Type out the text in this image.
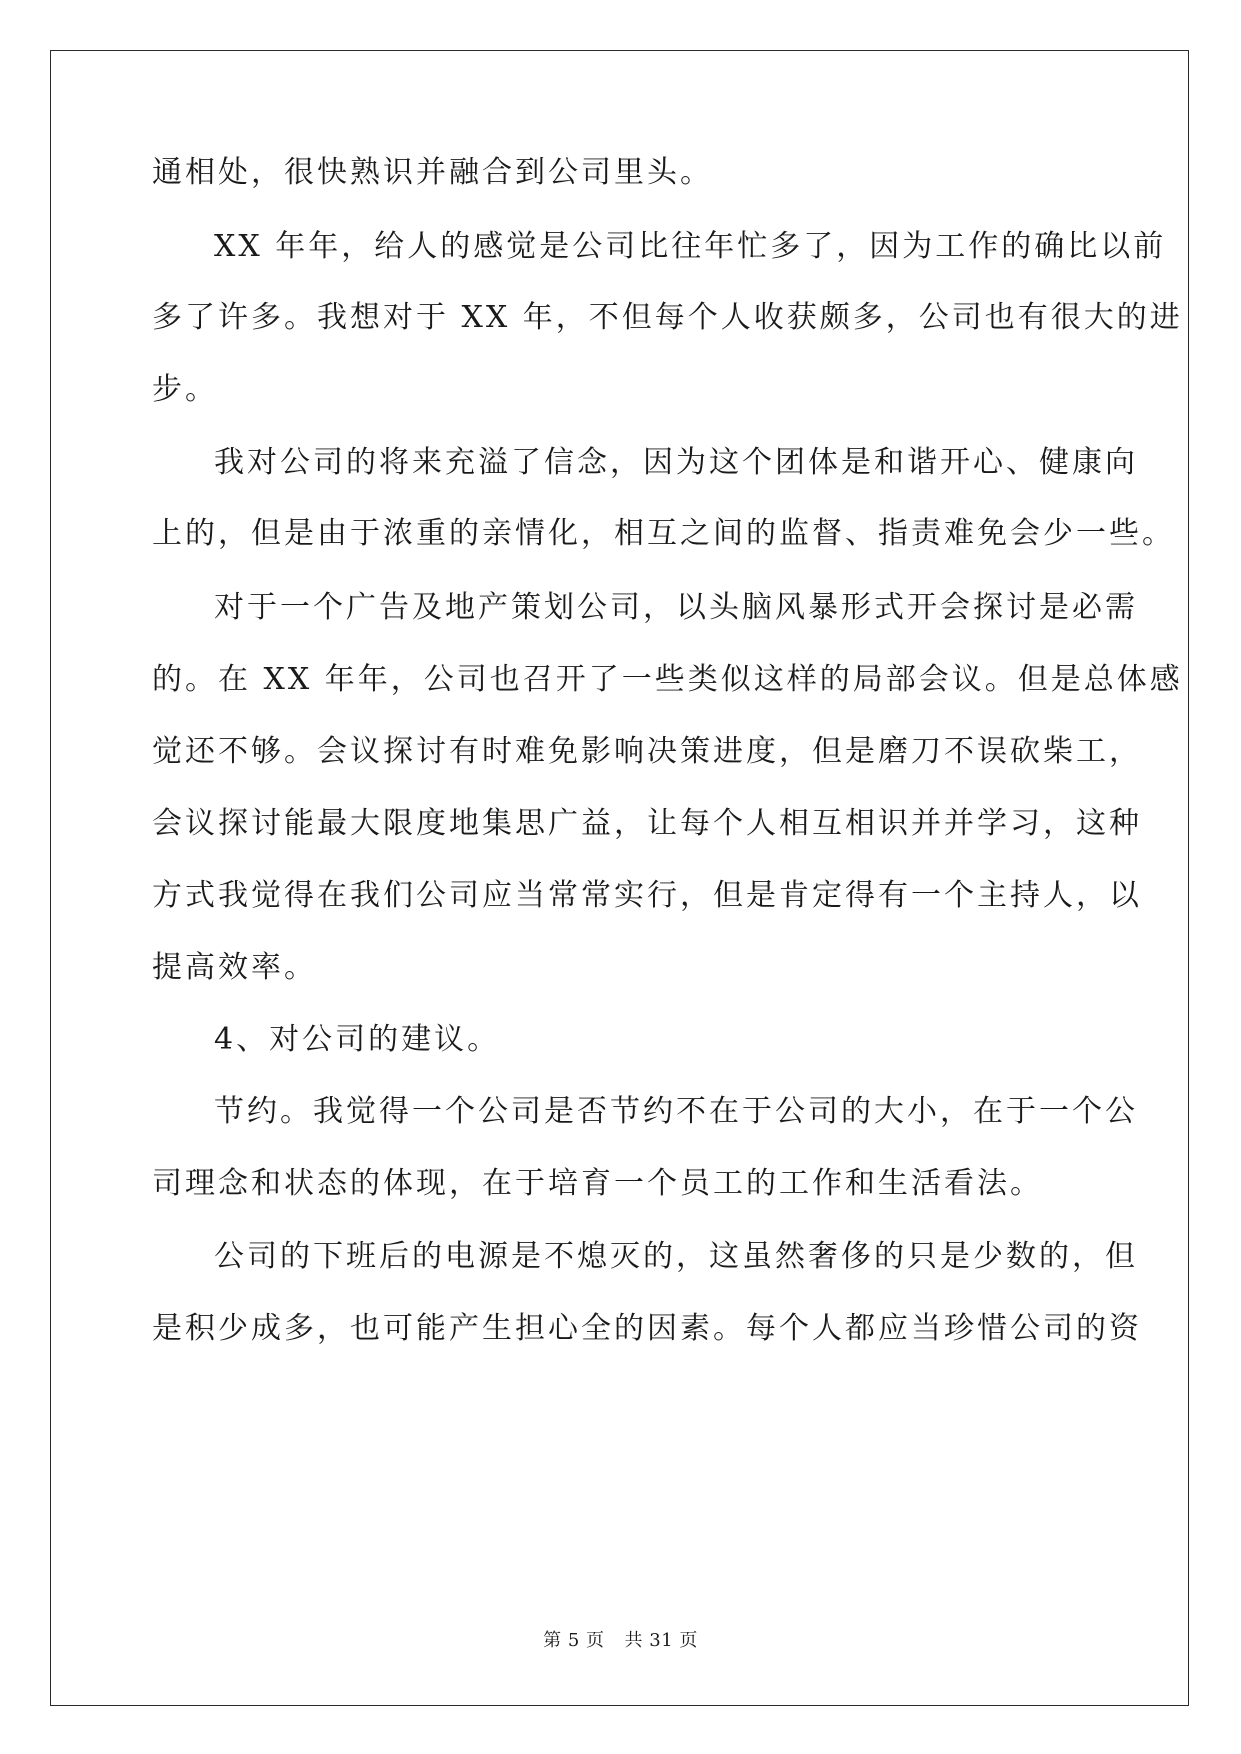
通相处，很快熟识并融合到公司里头。
XX 年年，给人的感觉是公司比往年忙多了，因为工作的确比以前
多了许多。我想对于 XX 年，不但每个人收获颇多，公司也有很大的进
步。
我对公司的将来充溢了信念，因为这个团体是和谐开心、健康向
上的，但是由于浓重的亲情化，相互之间的监督、指责难免会少一些。
对于一个广告及地产策划公司，以头脑风暴形式开会探讨是必需
的。在 XX 年年，公司也召开了一些类似这样的局部会议。但是总体感
觉还不够。会议探讨有时难免影响决策进度，但是磨刀不误砍柴工，
会议探讨能最大限度地集思广益，让每个人相互相识并并学习，这种
方式我觉得在我们公司应当常常实行，但是肯定得有一个主持人，以
提高效率。
4、对公司的建议。
节约。我觉得一个公司是否节约不在于公司的大小，在于一个公
司理念和状态的体现，在于培育一个员工的工作和生活看法。
公司的下班后的电源是不熄灭的，这虽然奢侈的只是少数的，但
是积少成多，也可能产生担心全的因素。每个人都应当珍惜公司的资
第 5 页 共 31 页
